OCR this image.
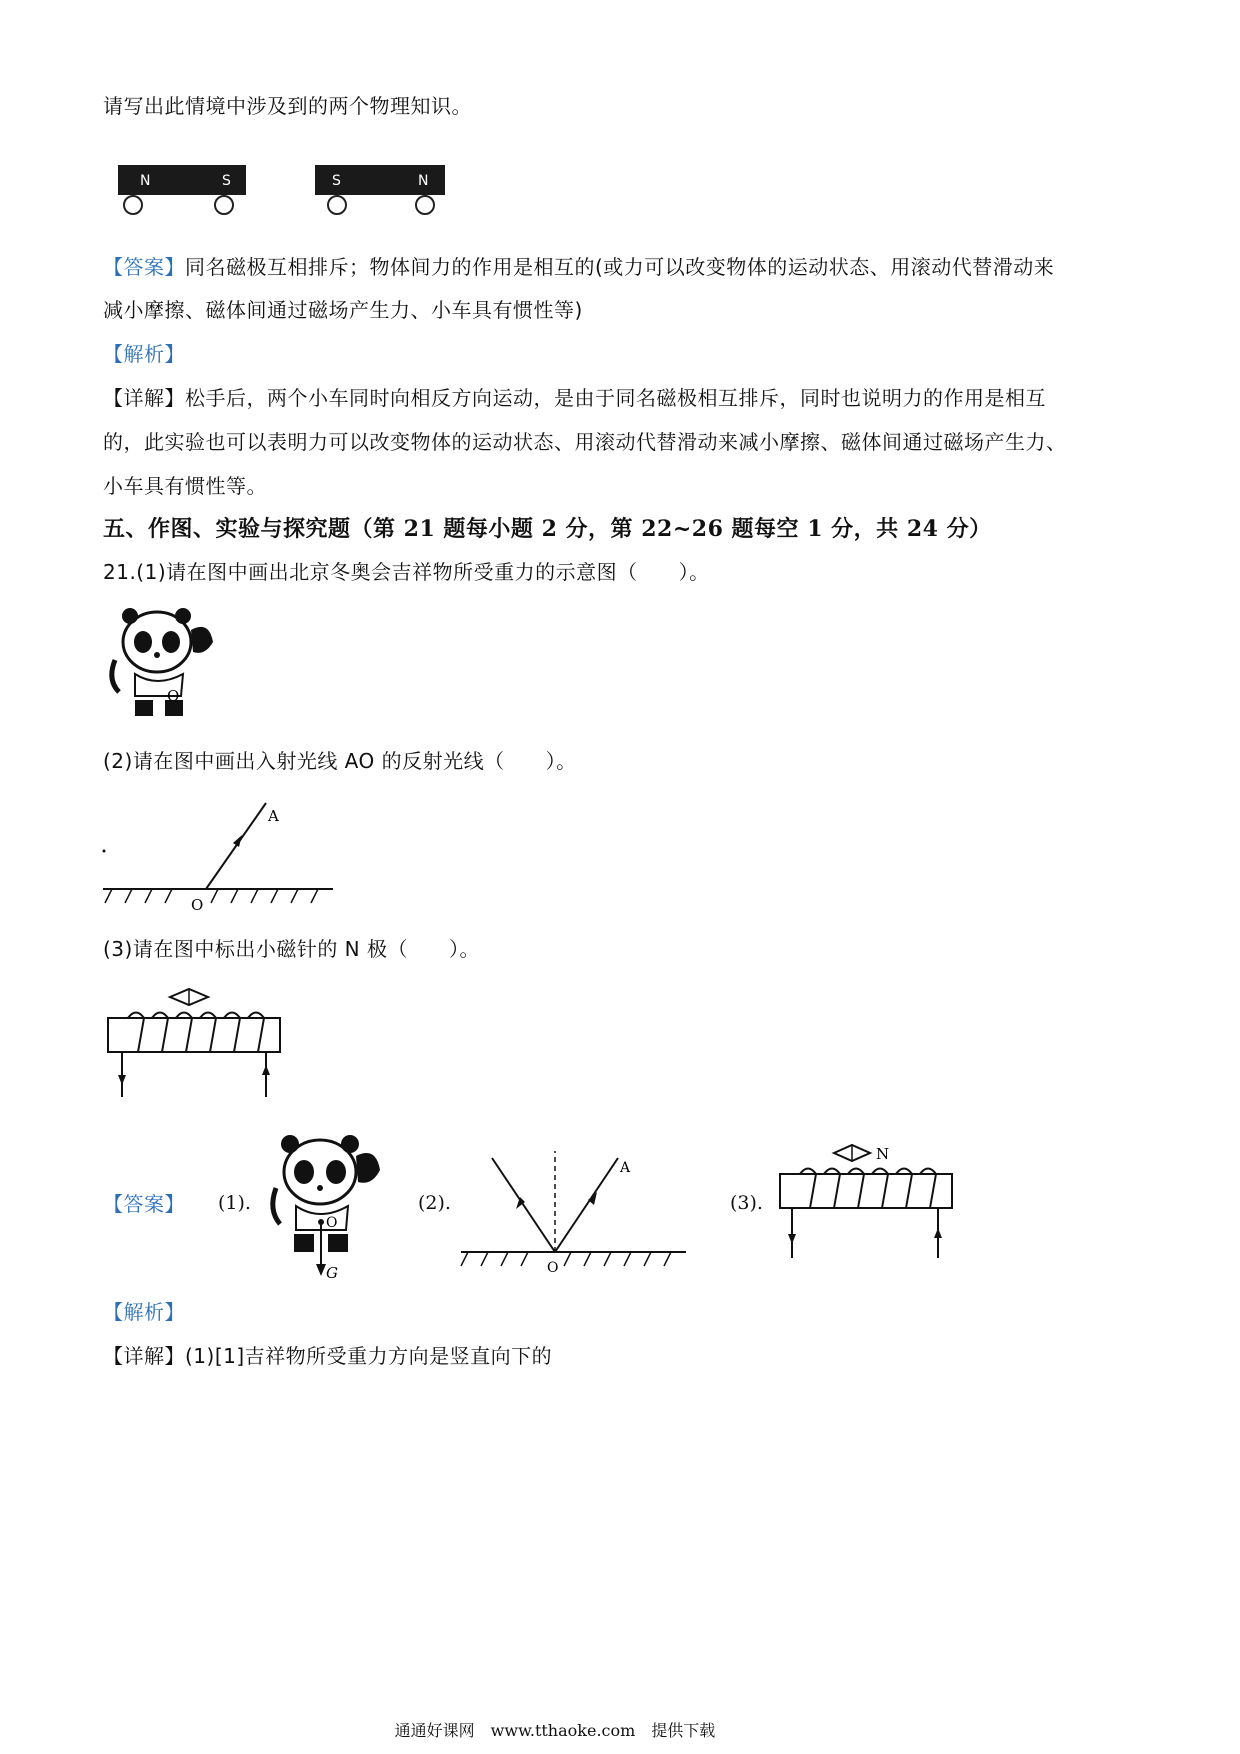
请写出此情境中涉及到的两个物理知识。
N	S	S	N
【答案】同名磁极互相排斥；物体间力的作用是相互的(或力可以改变物体的运动状态、用滚动代替滑动来
减小摩擦、磁体间通过磁场产生力、小车具有惯性等)
【解析】
【详解】松手后，两个小车同时向相反方向运动，是由于同名磁极相互排斥，同时也说明力的作用是相互
的，此实验也可以表明力可以改变物体的运动状态、用滚动代替滑动来减小摩擦、磁体间通过磁场产生力、
小车具有惯性等。
五、作图、实验与探究题（第 21 题每小题 2 分，第 22~26 题每空 1 分，共 24 分）
21.(1)请在图中画出北京冬奥会吉祥物所受重力的示意图（　　）。
O
(2)请在图中画出入射光线 AO 的反射光线（　　）。
A
O
(3)请在图中标出小磁针的 N 极（　　）。
【答案】 (1).	(2).	(3).
O
G
A
O
N
【解析】
【详解】(1)[1]吉祥物所受重力方向是竖直向下的
通通好课网　www.tthaoke.com　提供下载
